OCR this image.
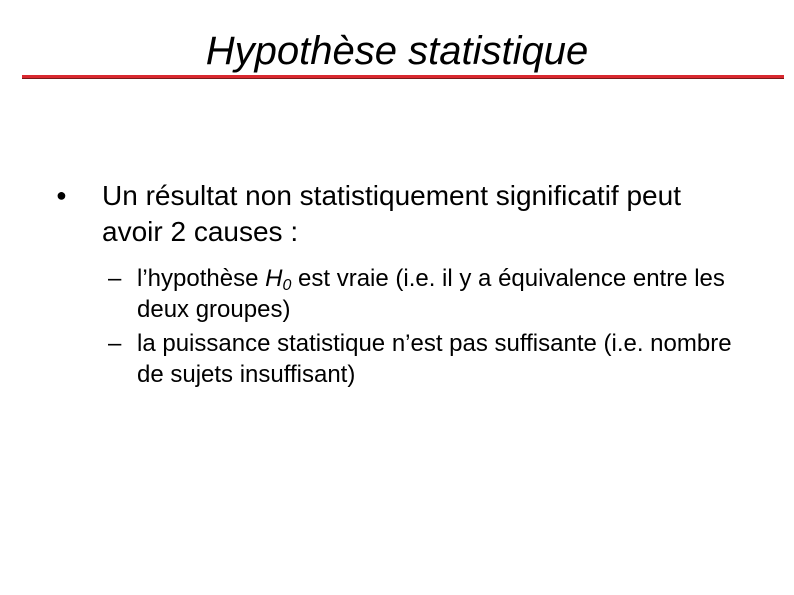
Hypothèse statistique
● Un résultat non statistiquement significatif peut avoir 2 causes :
– l’hypothèse $H_0$ est vraie (i.e. il y a équivalence entre les deux groupes)
– la puissance statistique n’est pas suffisante (i.e. nombre de sujets insuffisant)
